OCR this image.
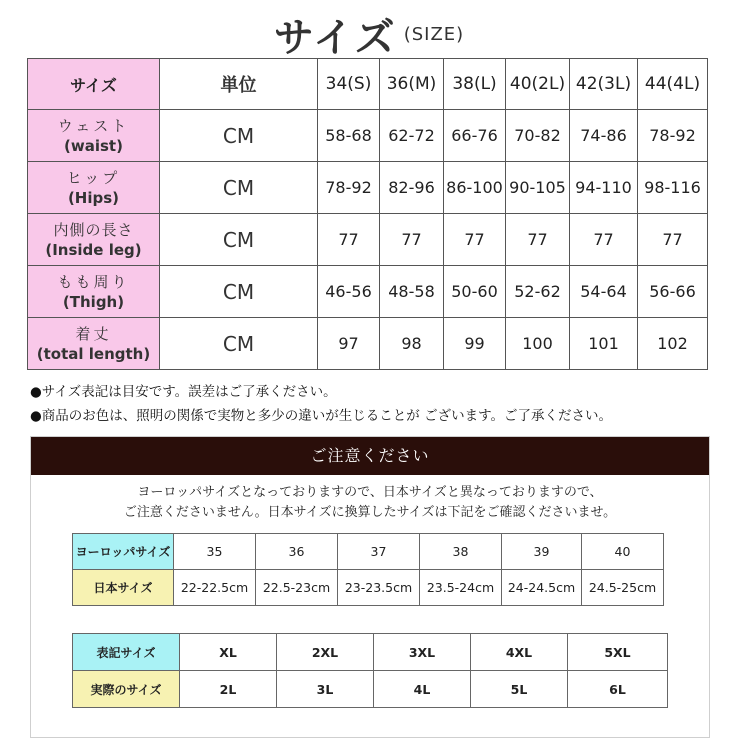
サイズ (SIZE)
サイズ	単位	34(S)	36(M)	38(L)	40(2L)	42(3L)	44(4L)

ウェスト
(waist)	CM	58-68	62-72	66-76	70-82	74-86	78-92

ヒップ
(Hips)	CM	78-92	82-96	86-100	90-105	94-110	98-116

内側の長さ
(Inside leg)	CM	77	77	77	77	77	77

もも周り
(Thigh)	CM	46-56	48-58	50-60	52-62	54-64	56-66

着丈
(total length)	CM	97	98	99	100	101	102
●サイズ表記は目安です。誤差はご了承ください。
●商品のお色は、照明の関係で実物と多少の違いが生じることが ございます。ご了承ください。
ご注意ください
ヨーロッパサイズとなっておりますので、日本サイズと異なっておりますので、
ご注意くださいません。日本サイズに換算したサイズは下記をご確認くださいませ。
ヨーロッパサイズ	35	36	37	38	39	40
日本サイズ	22-22.5cm	22.5-23cm	23-23.5cm	23.5-24cm	24-24.5cm	24.5-25cm
表記サイズ	XL	2XL	3XL	4XL	5XL
実際のサイズ	2L	3L	4L	5L	6L
